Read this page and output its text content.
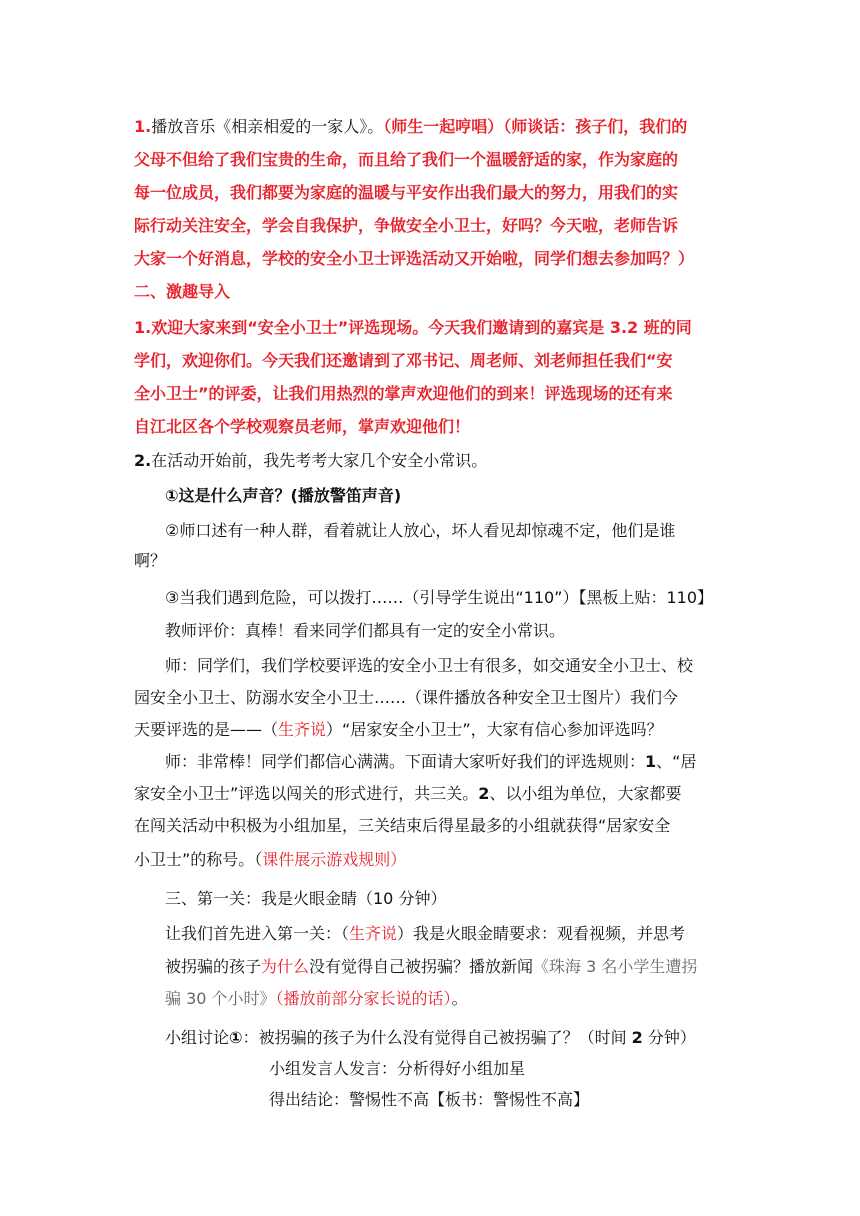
1.播放音乐《相亲相爱的一家人》。（师生一起哼唱）（师谈话：孩子们，我们的
父母不但给了我们宝贵的生命，而且给了我们一个温暖舒适的家，作为家庭的
每一位成员，我们都要为家庭的温暖与平安作出我们最大的努力，用我们的实
际行动关注安全，学会自我保护，争做安全小卫士，好吗？今天啦，老师告诉
大家一个好消息，学校的安全小卫士评选活动又开始啦，同学们想去参加吗？）
二、激趣导入
1.欢迎大家来到“安全小卫士”评选现场。今天我们邀请到的嘉宾是 3.2 班的同
学们，欢迎你们。今天我们还邀请到了邓书记、周老师、刘老师担任我们“安
全小卫士”的评委，让我们用热烈的掌声欢迎他们的到来！评选现场的还有来
自江北区各个学校观察员老师，掌声欢迎他们！
2.在活动开始前，我先考考大家几个安全小常识。
①这是什么声音？(播放警笛声音)
②师口述有一种人群，看着就让人放心，坏人看见却惊魂不定，他们是谁
啊？
③当我们遇到危险，可以拨打……（引导学生说出“110”）【黑板上贴：110】
教师评价：真棒！看来同学们都具有一定的安全小常识。
师：同学们，我们学校要评选的安全小卫士有很多，如交通安全小卫士、校
园安全小卫士、防溺水安全小卫士……（课件播放各种安全卫士图片）我们今
天要评选的是——（生齐说）“居家安全小卫士”，大家有信心参加评选吗？
师：非常棒！同学们都信心满满。下面请大家听好我们的评选规则：1、“居
家安全小卫士”评选以闯关的形式进行，共三关。2、以小组为单位，大家都要
在闯关活动中积极为小组加星，三关结束后得星最多的小组就获得“居家安全
小卫士”的称号。（课件展示游戏规则）
三、第一关：我是火眼金睛（10 分钟）
让我们首先进入第一关：（生齐说）我是火眼金睛要求：观看视频，并思考
被拐骗的孩子为什么没有觉得自己被拐骗？播放新闻《珠海 3 名小学生遭拐
骗 30 个小时》（播放前部分家长说的话）。
小组讨论①：被拐骗的孩子为什么没有觉得自己被拐骗了？（时间 2 分钟）
小组发言人发言：分析得好小组加星
得出结论：警惕性不高【板书：警惕性不高】
